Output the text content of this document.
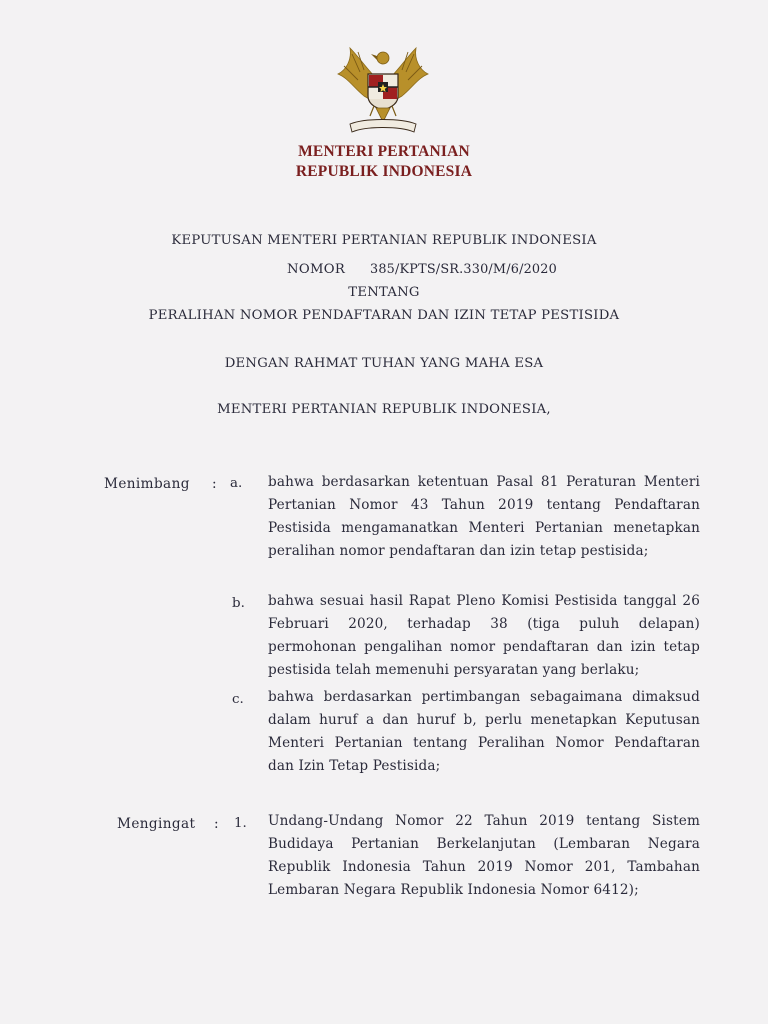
MENTERI PERTANIAN
REPUBLIK INDONESIA
KEPUTUSAN MENTERI PERTANIAN REPUBLIK INDONESIA
NOMOR 385/KPTS/SR.330/M/6/2020
TENTANG
PERALIHAN NOMOR PENDAFTARAN DAN IZIN TETAP PESTISIDA
DENGAN RAHMAT TUHAN YANG MAHA ESA
MENTERI PERTANIAN REPUBLIK INDONESIA,
Menimbang : a. bahwa berdasarkan ketentuan Pasal 81 Peraturan Menteri Pertanian Nomor 43 Tahun 2019 tentang Pendaftaran Pestisida mengamanatkan Menteri Pertanian menetapkan peralihan nomor pendaftaran dan izin tetap pestisida;
b. bahwa sesuai hasil Rapat Pleno Komisi Pestisida tanggal 26 Februari 2020, terhadap 38 (tiga puluh delapan) permohonan pengalihan nomor pendaftaran dan izin tetap pestisida telah memenuhi persyaratan yang berlaku;
c. bahwa berdasarkan pertimbangan sebagaimana dimaksud dalam huruf a dan huruf b, perlu menetapkan Keputusan Menteri Pertanian tentang Peralihan Nomor Pendaftaran dan Izin Tetap Pestisida;
Mengingat : 1. Undang-Undang Nomor 22 Tahun 2019 tentang Sistem Budidaya Pertanian Berkelanjutan (Lembaran Negara Republik Indonesia Tahun 2019 Nomor 201, Tambahan Lembaran Negara Republik Indonesia Nomor 6412);
